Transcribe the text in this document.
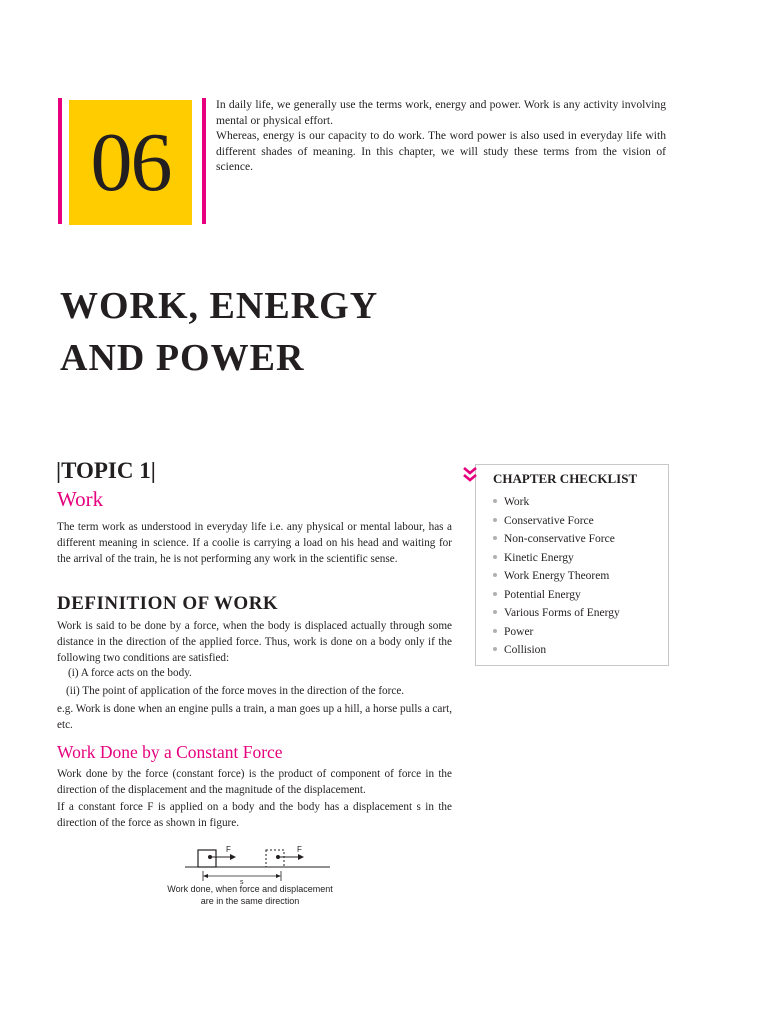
06

In daily life, we generally use the terms work, energy and power. Work is any activity involving mental or physical effort.

Whereas, energy is our capacity to do work. The word power is also used in everyday life with different shades of meaning. In this chapter, we will study these terms from the vision of science.

WORK, ENERGY
AND POWER
|TOPIC 1|
Work
The term work as understood in everyday life i.e. any physical or mental labour, has a different meaning in science. If a coolie is carrying a load on his head and waiting for the arrival of the train, he is not performing any work in the scientific sense.
DEFINITION OF WORK
Work is said to be done by a force, when the body is displaced actually through some distance in the direction of the applied force. Thus, work is done on a body only if the following two conditions are satisfied:
(i) A force acts on the body.
(ii) The point of application of the force moves in the direction of the force.
e.g. Work is done when an engine pulls a train, a man goes up a hill, a horse pulls a cart, etc.
Work Done by a Constant Force
Work done by the force (constant force) is the product of component of force in the direction of the displacement and the magnitude of the displacement.
If a constant force F is applied on a body and the body has a displacement s in the direction of the force as shown in figure.
F	F
s
Work done, when force and displacement
are in the same direction
CHAPTER CHECKLIST
Work
Conservative Force
Non-conservative Force
Kinetic Energy
Work Energy Theorem
Potential Energy
Various Forms of Energy
Power
Collision
